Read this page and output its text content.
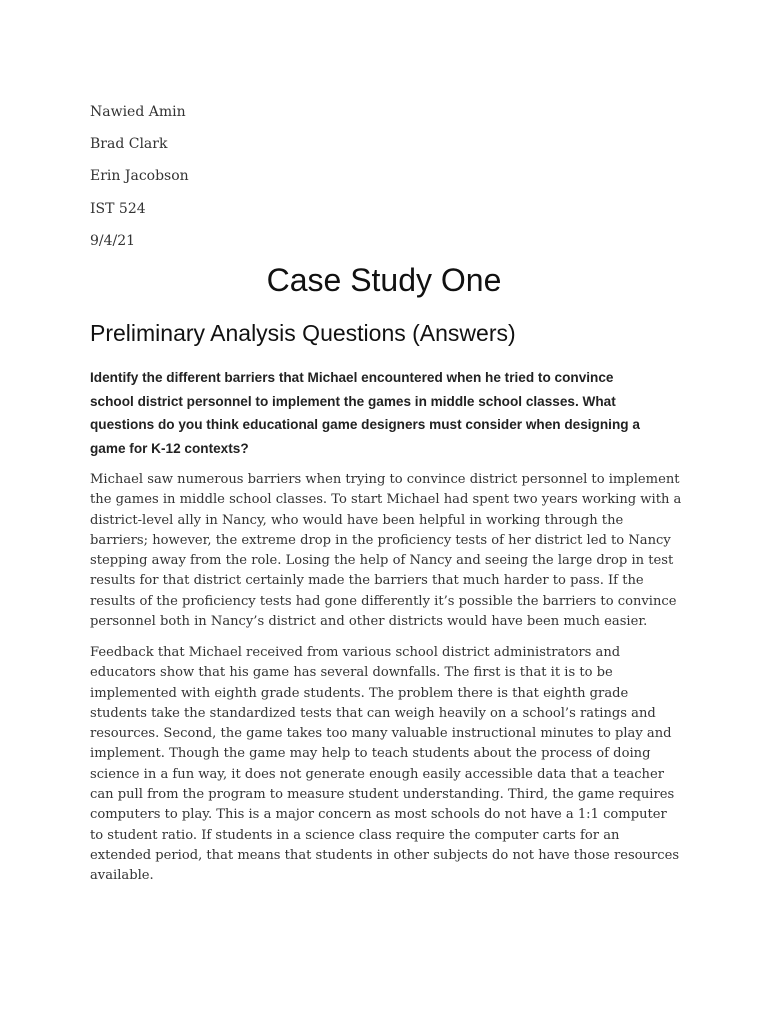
Nawied Amin
Brad Clark
Erin Jacobson
IST 524
9/4/21
Case Study One
Preliminary Analysis Questions (Answers)
Identify the different barriers that Michael encountered when he tried to convince
school district personnel to implement the games in middle school classes. What
questions do you think educational game designers must consider when designing a
game for K-12 contexts?
Michael saw numerous barriers when trying to convince district personnel to implement
the games in middle school classes. To start Michael had spent two years working with a
district-level ally in Nancy, who would have been helpful in working through the
barriers; however, the extreme drop in the proficiency tests of her district led to Nancy
stepping away from the role. Losing the help of Nancy and seeing the large drop in test
results for that district certainly made the barriers that much harder to pass. If the
results of the proficiency tests had gone differently it’s possible the barriers to convince
personnel both in Nancy’s district and other districts would have been much easier.
Feedback that Michael received from various school district administrators and
educators show that his game has several downfalls. The first is that it is to be
implemented with eighth grade students. The problem there is that eighth grade
students take the standardized tests that can weigh heavily on a school’s ratings and
resources. Second, the game takes too many valuable instructional minutes to play and
implement. Though the game may help to teach students about the process of doing
science in a fun way, it does not generate enough easily accessible data that a teacher
can pull from the program to measure student understanding. Third, the game requires
computers to play. This is a major concern as most schools do not have a 1:1 computer
to student ratio. If students in a science class require the computer carts for an
extended period, that means that students in other subjects do not have those resources
available.
